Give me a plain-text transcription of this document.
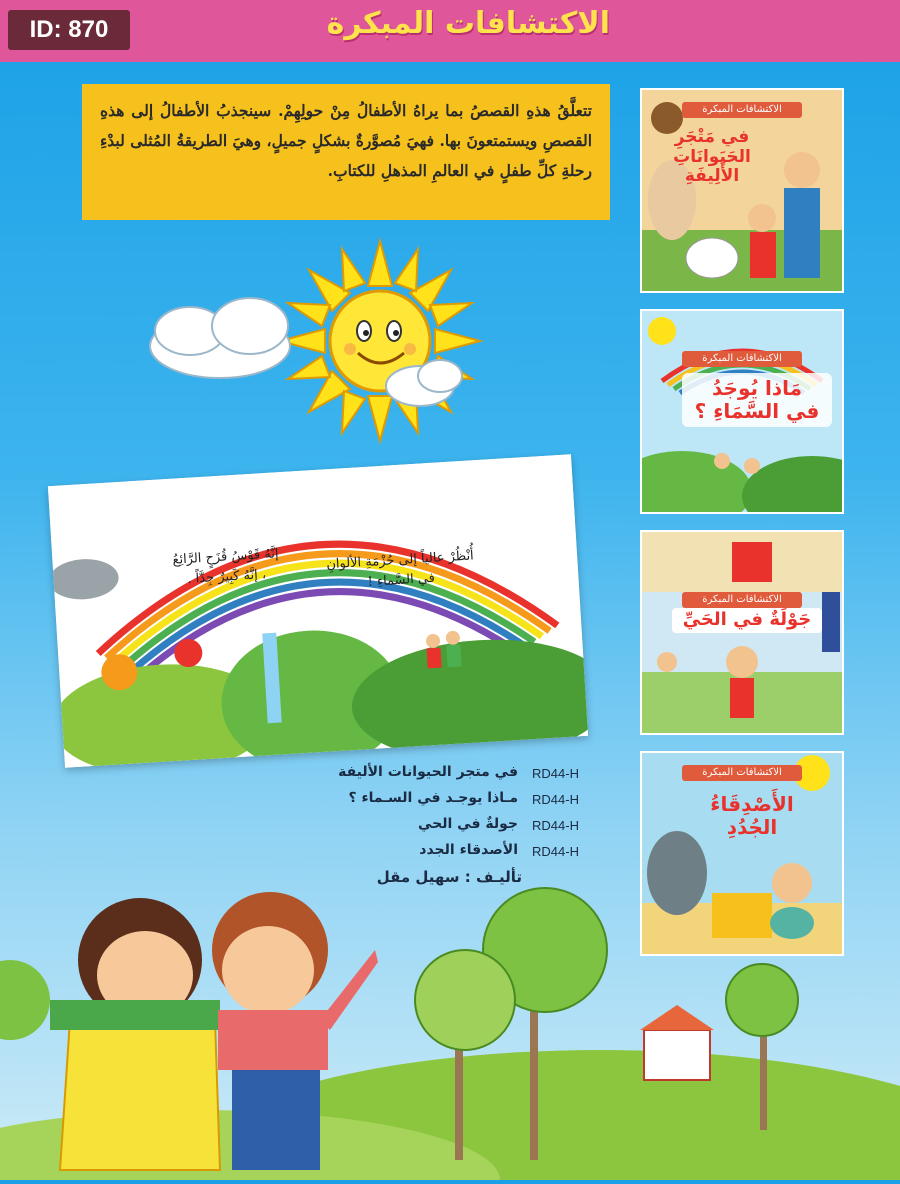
الاكتشافات المبكرة
ID: 870
تتعلَّقُ هذهِ القصصُ بما يراهُ الأطفالُ مِنْ حولِهِمْ. سينجذبُ الأطفالُ إلى هذهِ القصصِ ويستمتعونَ بها. فهيَ مُصوَّرةٌ بشكلٍ جميلٍ، وهيَ الطريقةُ المُثلى لبدْءِ رحلةِ كلِّ طفلٍ في العالمِ المذهلِ للكتابِ.
الاكتشافات المبكرة
في مَتْجَرِ
الحَيَوانَاتِ
الأَلِيفَةِ
الاكتشافات المبكرة
مَاذا يُوجَدُ
في السَّمَاءِ ؟
الاكتشافات المبكرة
جَوْلَةٌ في الحَيِّ
الاكتشافات المبكرة
الأَصْدِقَاءُ
الجُدُدِ
إنَّهُ قَوْسُ قُزَحٍ الرَّائِعُ ، إنَّهُ كَبِيرٌ جِدَّاً .
أُنْظُرْ عالياً إلى حُزْمَةِ الألوانِ في السَّماءِ !
RD44-H
في متجر الحيوانات الأليفة
RD44-H
مـاذا يوجـد في السـماء ؟
RD44-H
جولةٌ في الحي
RD44-H
الأصدقاء الجدد
تأليـف : سهيل مقل
